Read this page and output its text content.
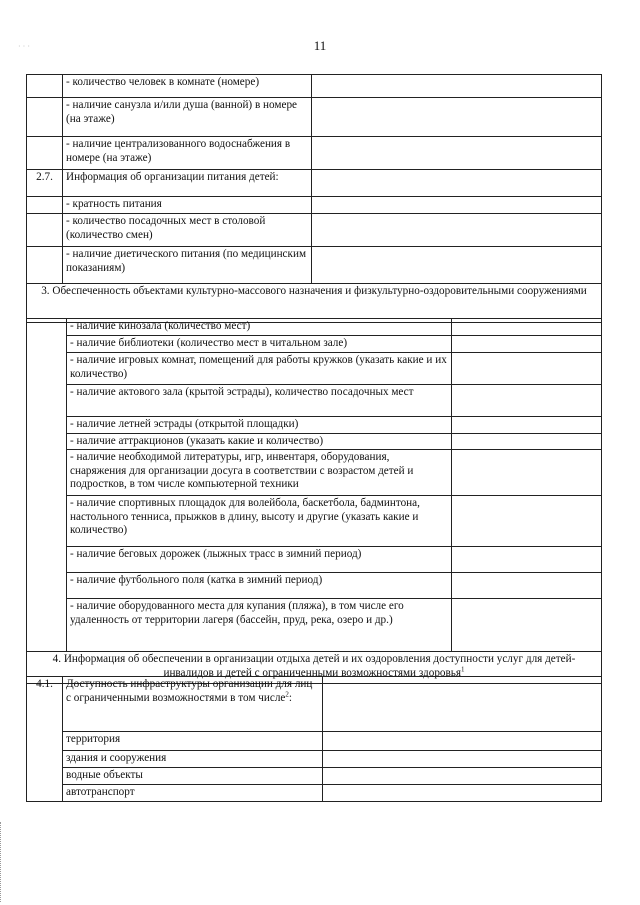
11
· · ·
	- количество человек в комнате (номере)	
	- наличие санузла и/или душа (ванной) в номере (на этаже)	
	- наличие централизованного водоснабжения в номере (на этаже)	
2.7.	Информация об организации питания детей:	
	- кратность питания	
	- количество посадочных мест в столовой (количество смен)	
	- наличие диетического питания (по медицинским показаниям)	
3. Обеспеченность объектами культурно-массового назначения и физкультурно-оздоровительными сооружениями		
	- наличие кинозала (количество мест)	
	- наличие библиотеки (количество мест в читальном зале)	
	- наличие игровых комнат, помещений для работы кружков (указать какие и их количество)	
	- наличие актового зала (крытой эстрады), количество посадочных мест	
	- наличие летней эстрады (открытой площадки)	
	- наличие аттракционов (указать какие и количество)	
	- наличие необходимой литературы, игр, инвентаря, оборудования, снаряжения для организации досуга в соответствии с возрастом детей и подростков, в том числе компьютерной техники	
	- наличие спортивных площадок для волейбола, баскетбола, бадминтона, настольного тенниса, прыжков в длину, высоту и другие (указать какие и количество)	
	- наличие беговых дорожек (лыжных трасс в зимний период)	
	- наличие футбольного поля (катка в зимний период)	
	- наличие оборудованного места для купания (пляжа), в том числе его удаленность от территории лагеря (бассейн, пруд, река, озеро и др.)	
4. Информация об обеспечении в организации отдыха детей и их оздоровления доступности услуг для детей-инвалидов и детей с ограниченными возможностями здоровья$^1$
4.1.	Доступность инфраструктуры организации для лиц с ограниченными возможностями в том числе$^2$:	
	территория	
	здания и сооружения	
	водные объекты	
	автотранспорт	
